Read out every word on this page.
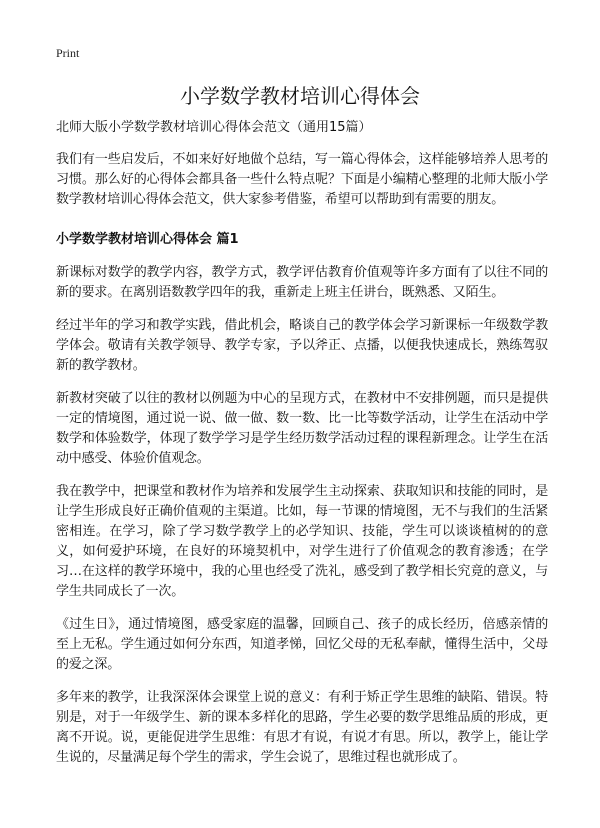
Print
小学数学教材培训心得体会

北师大版小学数学教材培训心得体会范文（通用15篇）

我们有一些启发后，不如来好好地做个总结，写一篇心得体会，这样能够培养人思考的习惯。那么好的心得体会都具备一些什么特点呢？下面是小编精心整理的北师大版小学数学教材培训心得体会范文，供大家参考借鉴，希望可以帮助到有需要的朋友。

小学数学教材培训心得体会 篇1

新课标对数学的教学内容，教学方式，教学评估教育价值观等许多方面有了以往不同的新的要求。在离别语数教学四年的我，重新走上班主任讲台，既熟悉、又陌生。

经过半年的学习和教学实践，借此机会，略谈自己的教学体会学习新课标一年级数学教学体会。敬请有关教学领导、教学专家，予以斧正、点播，以便我快速成长，熟练驾驭新的教学教材。

新教材突破了以往的教材以例题为中心的呈现方式，在教材中不安排例题，而只是提供一定的情境图，通过说一说、做一做、数一数、比一比等数学活动，让学生在活动中学数学和体验数学，体现了数学学习是学生经历数学活动过程的课程新理念。让学生在活动中感受、体验价值观念。

我在教学中，把课堂和教材作为培养和发展学生主动探索、获取知识和技能的同时，是让学生形成良好正确价值观的主渠道。比如，每一节课的情境图，无不与我们的生活紧密相连。在学习，除了学习数学教学上的必学知识、技能，学生可以谈谈植树的的意义，如何爱护环境，在良好的环境契机中，对学生进行了价值观念的教育渗透；在学习…在这样的教学环境中，我的心里也经受了洗礼，感受到了教学相长究竟的意义，与学生共同成长了一次。

《过生日》，通过情境图，感受家庭的温馨，回顾自己、孩子的成长经历，倍感亲情的至上无私。学生通过如何分东西，知道孝悌，回忆父母的无私奉献，懂得生活中，父母的爱之深。

多年来的教学，让我深深体会课堂上说的意义：有利于矫正学生思维的缺陷、错误。特别是，对于一年级学生、新的课本多样化的思路，学生必要的数学思维品质的形成，更离不开说。说，更能促进学生思维：有思才有说，有说才有思。所以，教学上，能让学生说的，尽量满足每个学生的需求，学生会说了，思维过程也就形成了。
